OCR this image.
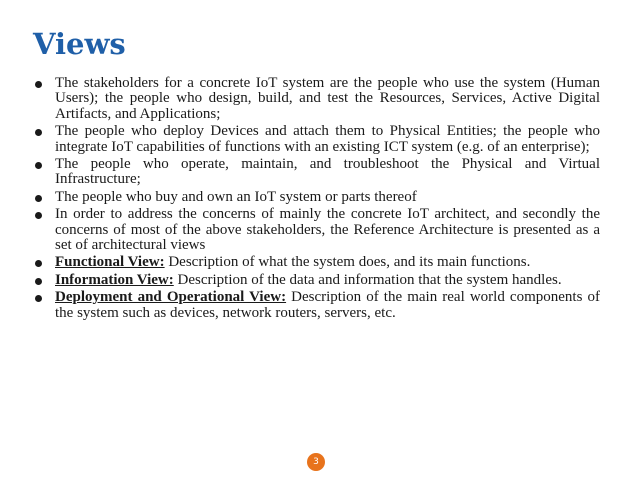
Views
The stakeholders for a concrete IoT system are the people who use the system (Human Users); the people who design, build, and test the Resources, Services, Active Digital Artifacts, and Applications;
The people who deploy Devices and attach them to Physical Entities; the people who integrate IoT capabilities of functions with an existing ICT system (e.g. of an enterprise);
The people who operate, maintain, and troubleshoot the Physical and Virtual Infrastructure;
The people who buy and own an IoT system or parts thereof
In order to address the concerns of mainly the concrete IoT architect, and secondly the concerns of most of the above stakeholders, the Reference Architecture is presented as a set of architectural views
Functional View: Description of what the system does, and its main functions.
Information View: Description of the data and information that the system handles.
Deployment and Operational View: Description of the main real world components of the system such as devices, network routers, servers, etc.
3
